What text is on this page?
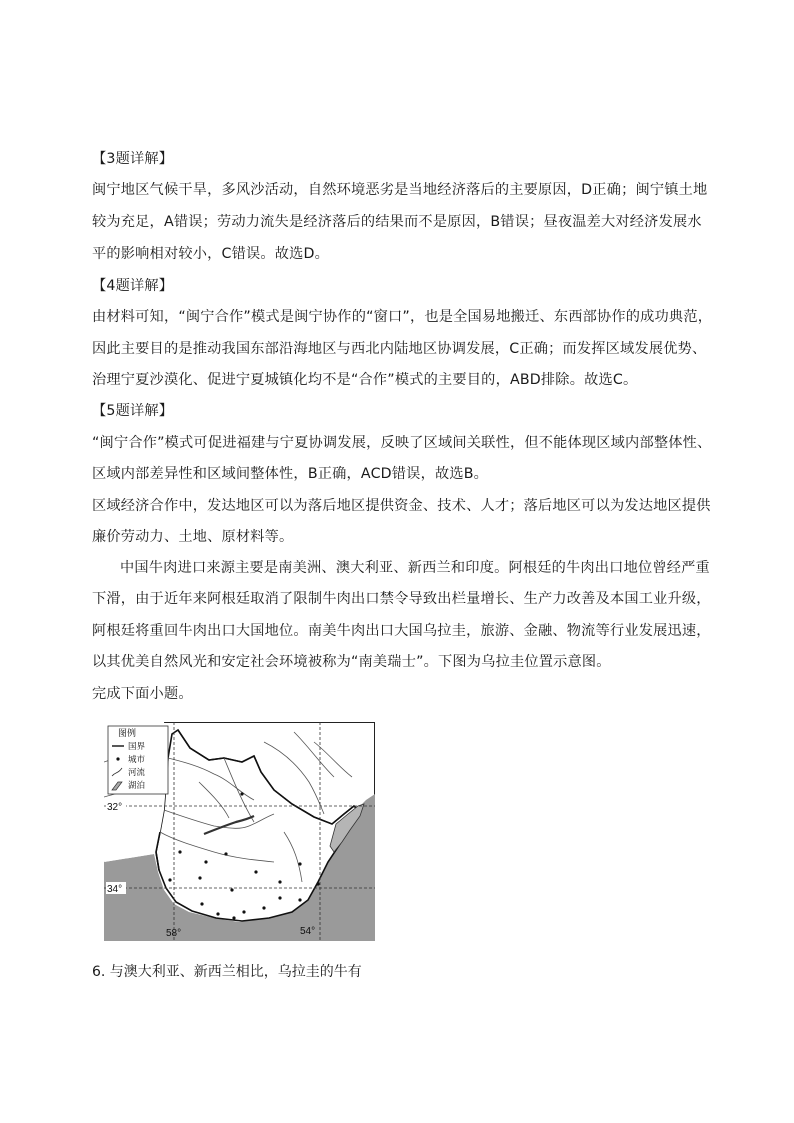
【3题详解】
闽宁地区气候干旱，多风沙活动，自然环境恶劣是当地经济落后的主要原因，D正确；闽宁镇土地
较为充足，A错误；劳动力流失是经济落后的结果而不是原因，B错误；昼夜温差大对经济发展水
平的影响相对较小，C错误。故选D。
【4题详解】
由材料可知，“闽宁合作”模式是闽宁协作的“窗口”，也是全国易地搬迁、东西部协作的成功典范，
因此主要目的是推动我国东部沿海地区与西北内陆地区协调发展，C正确；而发挥区域发展优势、
治理宁夏沙漠化、促进宁夏城镇化均不是“合作”模式的主要目的，ABD排除。故选C。
【5题详解】
“闽宁合作”模式可促进福建与宁夏协调发展，反映了区域间关联性，但不能体现区域内部整体性、
区域内部差异性和区域间整体性，B正确，ACD错误，故选B。
区域经济合作中，发达地区可以为落后地区提供资金、技术、人才；落后地区可以为发达地区提供
廉价劳动力、土地、原材料等。
中国牛肉进口来源主要是南美洲、澳大利亚、新西兰和印度。阿根廷的牛肉出口地位曾经严重
下滑，由于近年来阿根廷取消了限制牛肉出口禁令导致出栏量增长、生产力改善及本国工业升级，
阿根廷将重回牛肉出口大国地位。南美牛肉出口大国乌拉圭，旅游、金融、物流等行业发展迅速，
以其优美自然风光和安定社会环境被称为“南美瑞士”。下图为乌拉圭位置示意图。
完成下面小题。
图例
国界
城市
河流
湖泊
32°
34°
58°	54°
6. 与澳大利亚、新西兰相比，乌拉圭的牛有
